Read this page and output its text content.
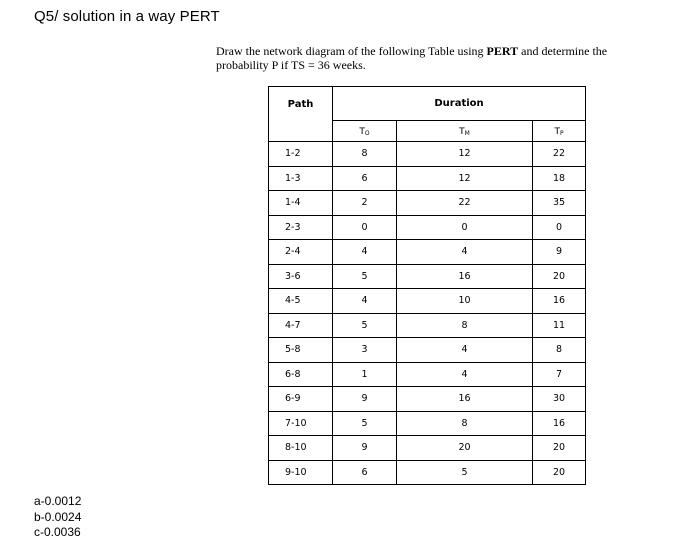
Q5/ solution in a way PERT
Draw the network diagram of the following Table using PERT and determine the probability P if TS = 36 weeks.
Path	Duration		
	$T_O$	$T_M$	$T_P$
1-2	8	12	22
1-3	6	12	18
1-4	2	22	35
2-3	0	0	0
2-4	4	4	9
3-6	5	16	20
4-5	4	10	16
4-7	5	8	11
5-8	3	4	8
6-8	1	4	7
6-9	9	16	30
7-10	5	8	16
8-10	9	20	20
9-10	6	5	20
a-0.0012
b-0.0024
c-0.0036
